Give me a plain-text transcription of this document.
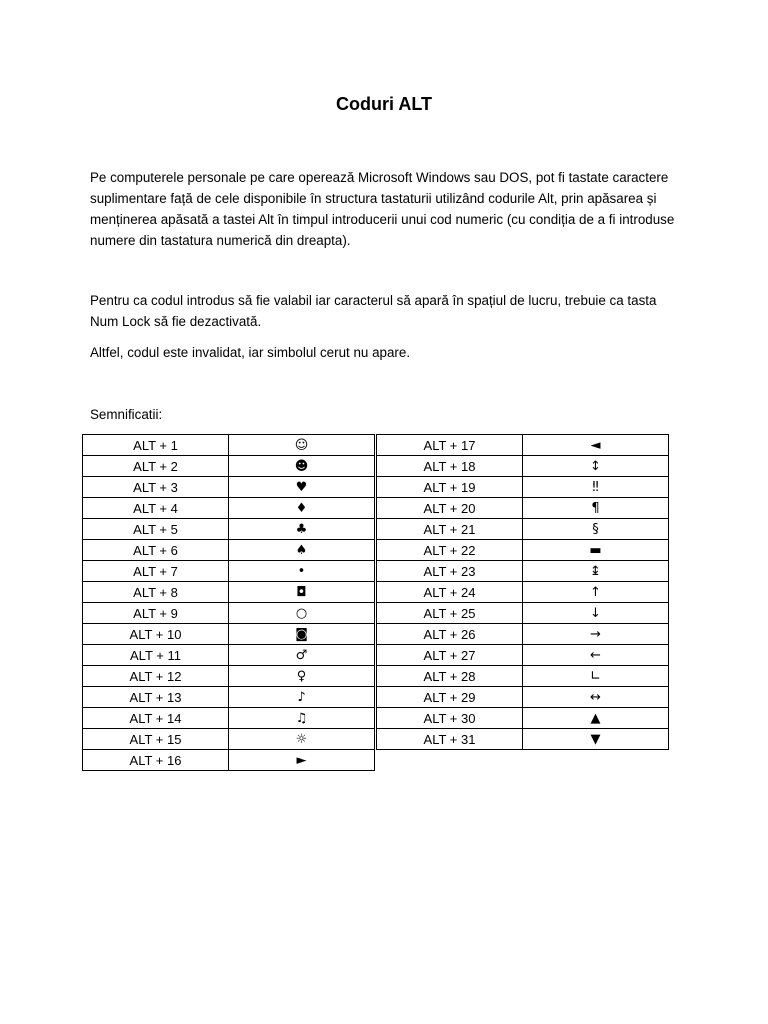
Coduri ALT

Pe computerele personale pe care operează Microsoft Windows sau DOS, pot fi tastate caractere suplimentare față de cele disponibile în structura tastaturii utilizând codurile Alt, prin apăsarea și menținerea apăsată a tastei Alt în timpul introducerii unui cod numeric (cu condiția de a fi introduse numere din tastatura numerică din dreapta).

Pentru ca codul introdus să fie valabil iar caracterul să apară în spațiul de lucru, trebuie ca tasta Num Lock să fie dezactivată.

Altfel, codul este invalidat, iar simbolul cerut nu apare.

Semnificatii:

ALT + 1	☺
ALT + 2	☻
ALT + 3	♥
ALT + 4	♦
ALT + 5	♣
ALT + 6	♠
ALT + 7	•
ALT + 8	◘
ALT + 9	○
ALT + 10	◙
ALT + 11	♂
ALT + 12	♀
ALT + 13	♪
ALT + 14	♫
ALT + 15	☼
ALT + 16	►
ALT + 17	◄
ALT + 18	↕
ALT + 19	‼
ALT + 20	¶
ALT + 21	§
ALT + 22	▬
ALT + 23	↨
ALT + 24	↑
ALT + 25	↓
ALT + 26	→
ALT + 27	←
ALT + 28	∟
ALT + 29	↔
ALT + 30	▲
ALT + 31	▼
